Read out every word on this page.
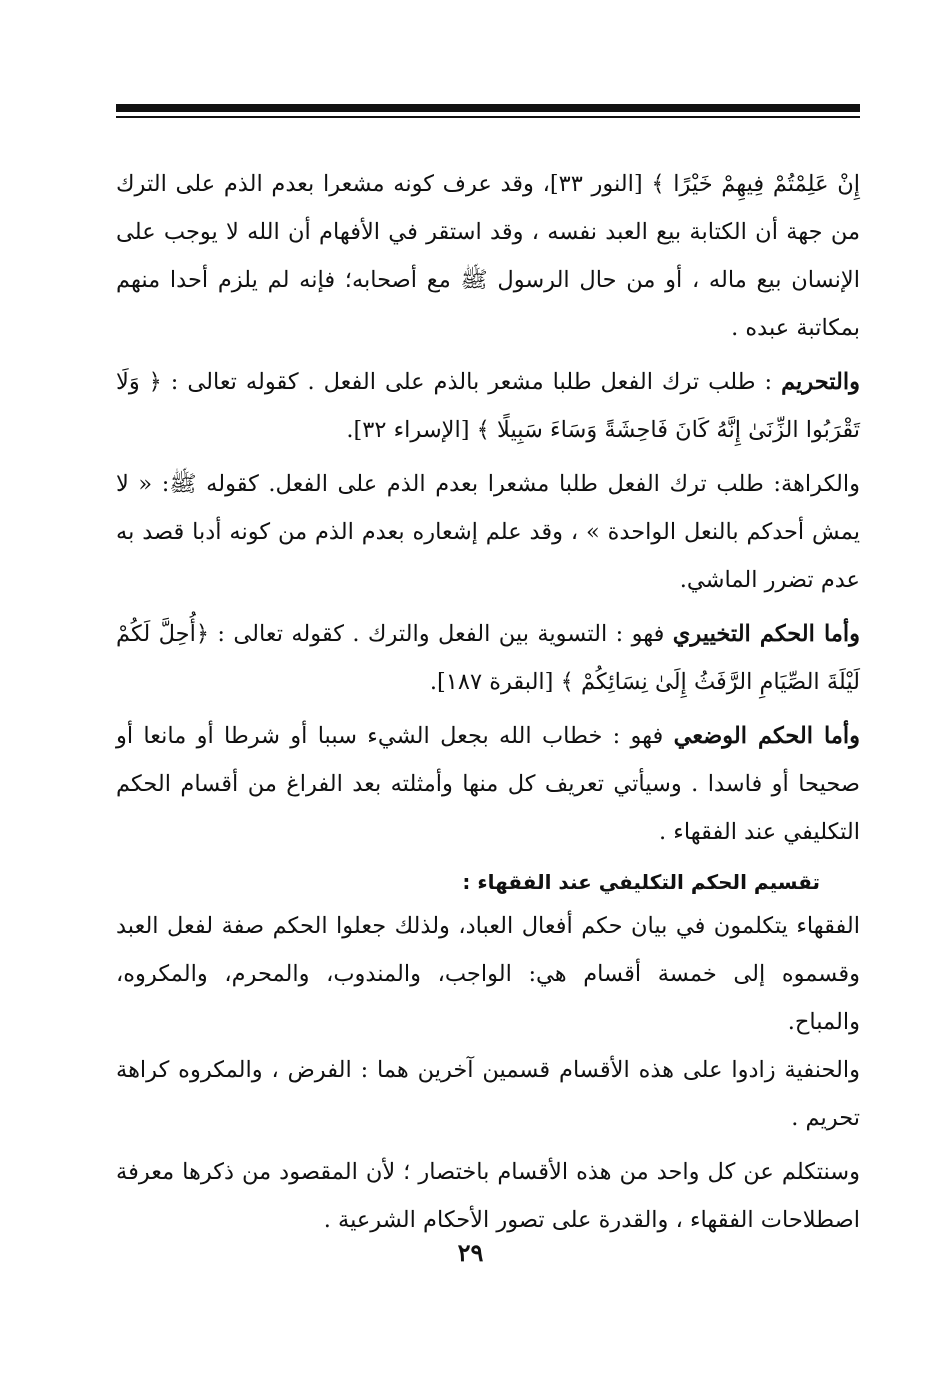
إِنْ عَلِمْتُمْ فِيهِمْ خَيْرًا ﴾ [النور ٣٣]، وقد عرف كونه مشعرا بعدم الذم على الترك من جهة أن الكتابة بيع العبد نفسه ، وقد استقر في الأفهام أن الله لا يوجب على الإنسان بيع ماله ، أو من حال الرسول ﷺ مع أصحابه؛ فإنه لم يلزم أحدا منهم بمكاتبة عبده .

والتحريم : طلب ترك الفعل طلبا مشعر بالذم على الفعل . كقوله تعالى : ﴿ وَلَا تَقْرَبُوا الزِّنَىٰ إِنَّهُ كَانَ فَاحِشَةً وَسَاءَ سَبِيلًا ﴾ [الإسراء ٣٢].

والكراهة: طلب ترك الفعل طلبا مشعرا بعدم الذم على الفعل. كقوله ﷺ: « لا يمش أحدكم بالنعل الواحدة » ، وقد علم إشعاره بعدم الذم من كونه أدبا قصد به عدم تضرر الماشي.

وأما الحكم التخييري فهو : التسوية بين الفعل والترك . كقوله تعالى : ﴿أُحِلَّ لَكُمْ لَيْلَةَ الصِّيَامِ الرَّفَثُ إِلَىٰ نِسَائِكُمْ ﴾ [البقرة ١٨٧].

وأما الحكم الوضعي فهو : خطاب الله بجعل الشيء سببا أو شرطا أو مانعا أو صحيحا أو فاسدا . وسيأتي تعريف كل منها وأمثلته بعد الفراغ من أقسام الحكم التكليفي عند الفقهاء .

تقسيم الحكم التكليفي عند الفقهاء :

الفقهاء يتكلمون في بيان حكم أفعال العباد، ولذلك جعلوا الحكم صفة لفعل العبد وقسموه إلى خمسة أقسام هي: الواجب، والمندوب، والمحرم، والمكروه، والمباح.

والحنفية زادوا على هذه الأقسام قسمين آخرين هما : الفرض ، والمكروه كراهة تحريم .

وسنتكلم عن كل واحد من هذه الأقسام باختصار ؛ لأن المقصود من ذكرها معرفة اصطلاحات الفقهاء ، والقدرة على تصور الأحكام الشرعية .

٢٩
